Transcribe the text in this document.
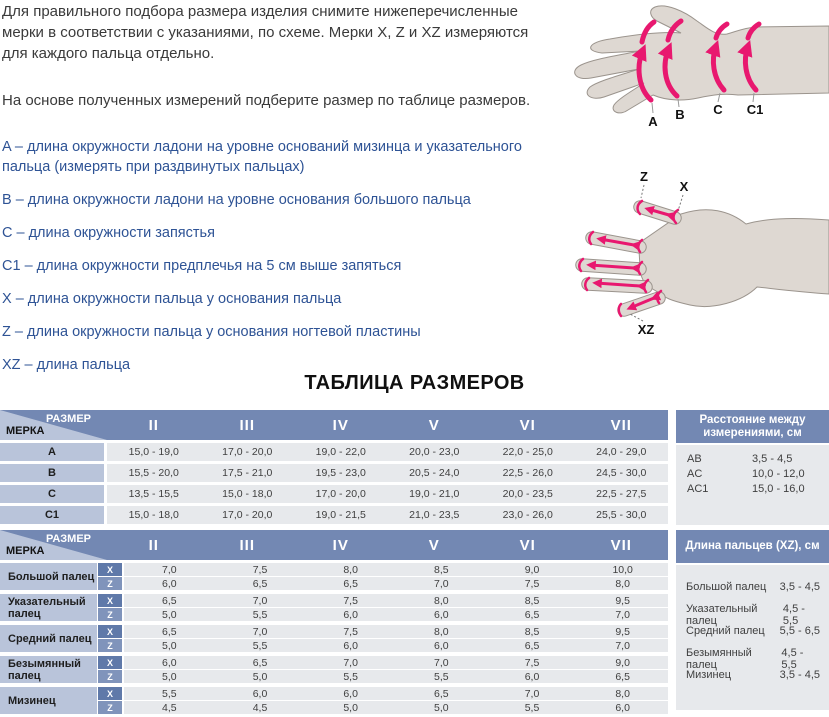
Для правильного подбора размера изделия снимите нижеперечисленные мерки в соответствии с указаниями, по схеме. Мерки X, Z и XZ измеряются для каждого пальца отдельно.

На основе полученных измерений подберите размер по таблице размеров.

A – длина окружности ладони на уровне оснований мизинца и указательного пальца (измерять при раздвинутых пальцах)
B – длина окружности ладони на уровне основания большого пальца
C – длина окружности запястья
C1 – длина окружности предплечья на 5 см выше запяться
X – длина окружности пальца у основания пальца
Z – длина окружности пальца у основания ногтевой пластины
XZ – длина пальца
A B C C1
Z
X
XZ
ТАБЛИЦА РАЗМЕРОВ
РАЗМЕР
МЕРКА	II	III	IV	V	VI	VII
A	15,0 - 19,0	17,0 - 20,0	19,0 - 22,0	20,0 - 23,0	22,0 - 25,0	24,0 - 29,0
B	15,5 - 20,0	17,5 - 21,0	19,5 - 23,0	20,5 - 24,0	22,5 - 26,0	24,5 - 30,0
C	13,5 - 15,5	15,0 - 18,0	17,0 - 20,0	19,0 - 21,0	20,0 - 23,5	22,5 - 27,5
C1	15,0 - 18,0	17,0 - 20,0	19,0 - 21,5	21,0 - 23,5	23,0 - 26,0	25,5 - 30,0
Расстояние между измерениями, см
AB	3,5 - 4,5
AC	10,0 - 12,0
AC1	15,0 - 16,0
РАЗМЕР
МЕРКА	II	III	IV	V	VI	VII
Большой палец
X	7,0	7,5	8,0	8,5	9,0	10,0
Z	6,0	6,5	6,5	7,0	7,5	8,0
Указательный палец
X	6,5	7,0	7,5	8,0	8,5	9,5
Z	5,0	5,5	6,0	6,0	6,5	7,0
Средний палец
X	6,5	7,0	7,5	8,0	8,5	9,5
Z	5,0	5,5	6,0	6,0	6,5	7,0
Безымянный палец
X	6,0	6,5	7,0	7,0	7,5	9,0
Z	5,0	5,0	5,5	5,5	6,0	6,5
Мизинец
X	5,5	6,0	6,0	6,5	7,0	8,0
Z	4,5	4,5	5,0	5,0	5,5	6,0
Длина пальцев (XZ), см
Большой палец 3,5 - 4,5
Указательный палец
4,5 - 5,5
Средний палец 5,5 - 6,5
Безымянный палец
4,5 - 5,5
Мизинец	3,5 - 4,5
